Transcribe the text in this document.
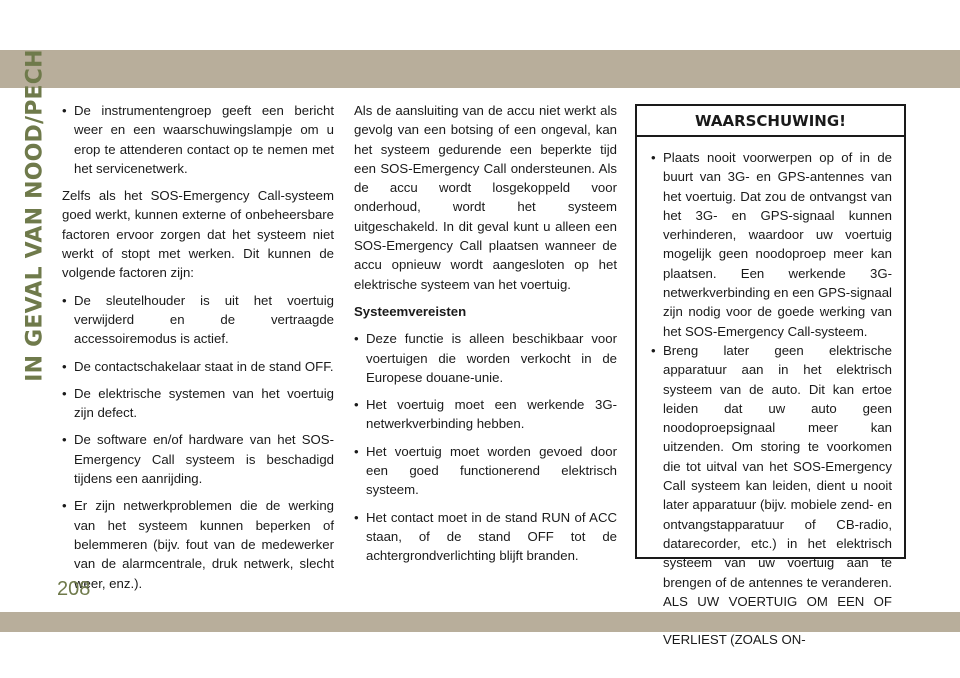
IN GEVAL VAN NOOD/PECH
•	De instrumentengroep geeft een bericht weer en een waarschuwingslampje om u erop te attenderen contact op te nemen met het servicenetwerk.

Zelfs als het SOS-Emergency Call-systeem goed werkt, kunnen externe of onbeheersbare factoren ervoor zorgen dat het systeem niet werkt of stopt met werken. Dit kunnen de volgende factoren zijn:

• De sleutelhouder is uit het voertuig verwijderd en de vertraagde accessoiremodus is actief.
• De contactschakelaar staat in de stand OFF.
• De elektrische systemen van het voertuig zijn defect.
• De software en/of hardware van het SOS-Emergency Call systeem is beschadigd tijdens een aanrijding.
• Er zijn netwerkproblemen die de werking van het systeem kunnen beperken of belemmeren (bijv. fout van de medewerker van de alarmcentrale, druk netwerk, slecht weer, enz.).

Als de aansluiting van de accu niet werkt als gevolg van een botsing of een ongeval, kan het systeem gedurende een beperkte tijd een SOS-Emergency Call ondersteunen. Als de accu wordt losgekoppeld voor onderhoud, wordt het systeem uitgeschakeld. In dit geval kunt u alleen een SOS-Emergency Call plaatsen wanneer de accu opnieuw wordt aangesloten op het elektrische systeem van het voertuig.

Systeemvereisten
• Deze functie is alleen beschikbaar voor voertuigen die worden verkocht in de Europese douane-unie.
• Het voertuig moet een werkende 3G-netwerkverbinding hebben.
• Het voertuig moet worden gevoed door een goed functionerend elektrisch systeem.
• Het contact moet in de stand RUN of ACC staan, of de stand OFF tot de achtergrondverlichting blijft branden.
WAARSCHUWING!
• Plaats nooit voorwerpen op of in de buurt van 3G- en GPS-antennes van het voertuig. Dat zou de ontvangst van het 3G- en GPS-signaal kunnen verhinderen, waardoor uw voertuig mogelijk geen noodoproep meer kan plaatsen. Een werkende 3G-netwerkverbinding en een GPS-signaal zijn nodig voor de goede werking van het SOS-Emergency Call-systeem.
• Breng later geen elektrische apparatuur aan in het elektrisch systeem van de auto. Dit kan ertoe leiden dat uw auto geen noodoproepsignaal meer kan uitzenden. Om storing te voorkomen die tot uitval van het SOS-Emergency Call systeem kan leiden, dient u nooit later apparatuur (bijv. mobiele zend- en ontvangstapparatuur of CB-radio, datarecorder, etc.) in het elektrisch systeem van uw voertuig aan te brengen of de antennes te veranderen. ALS UW VOERTUIG OM EEN OF VERLIEST (ZOALS ON-
208
